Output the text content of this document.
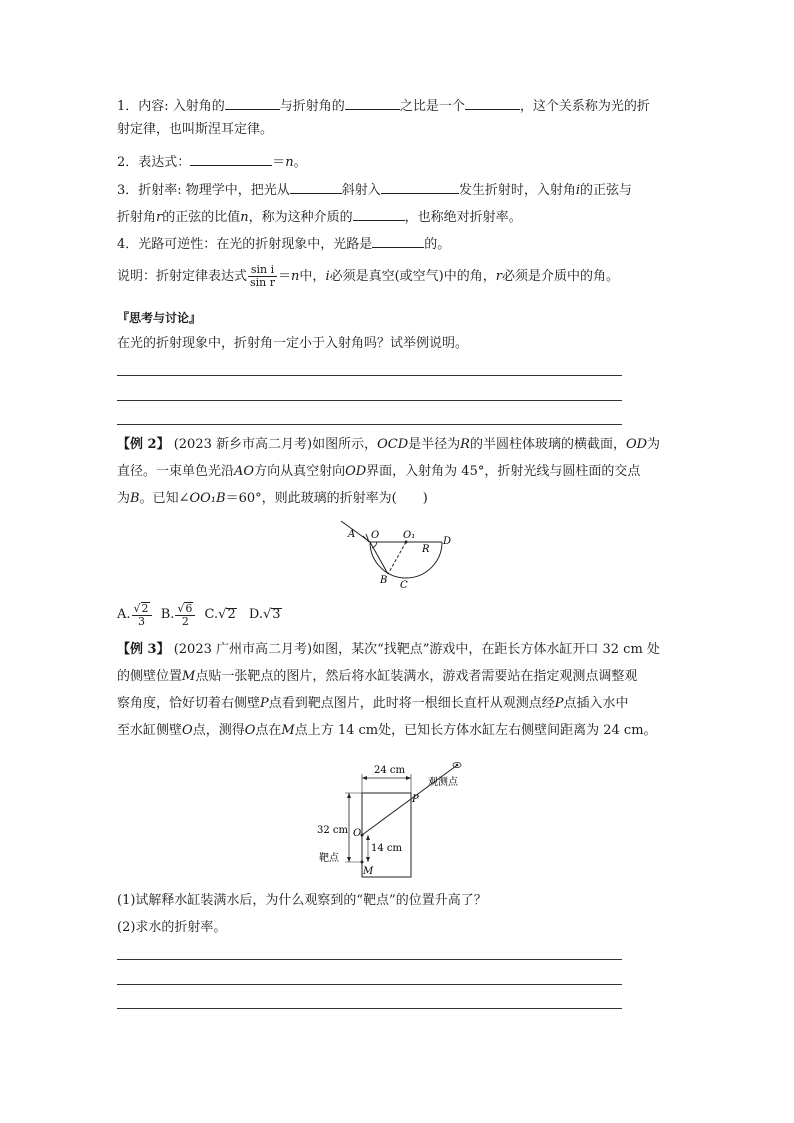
1．内容: 入射角的	与折射角的	之比是一个	，这个关系称为光的折
射定律，也叫斯涅耳定律。
2．表达式：	＝n。
3．折射率: 物理学中，把光从	斜射入	发生折射时，入射角i的正弦与
折射角r的正弦的比值n，称为这种介质的	，也称绝对折射率。
4．光路可逆性：在光的折射现象中，光路是	的。
说明：折射定律表达式 $\frac{\text{sin i}}{\text{sin r}} =n$中，i必须是真空(或空气)中的角，r必须是介质中的角。
『思考与讨论』
在光的折射现象中，折射角一定小于入射角吗？试举例说明。
【例 2】 (2023 新乡市高二月考)如图所示，OCD是半径为R的半圆柱体玻璃的横截面，OD为
直径。一束单色光沿AO方向从真空射向OD界面，入射角为 45°，折射光线与圆柱面的交点
为B。已知∠OO₁B＝60°，则此玻璃的折射率为(　　)
A O O₁
R
D
B C
A. $\frac{√2}{3} B$. $\frac{√6}{2} C.√2$ D.√3
【例 3】 (2023 广州市高二月考)如图，某次“找靶点”游戏中，在距长方体水缸开口 32 cm 处
的侧壁位置M点贴一张靶点的图片，然后将水缸装满水，游戏者需要站在指定观测点调整观
察角度，恰好切着右侧壁P点看到靶点图片，此时将一根细长直杆从观测点经P点插入水中
至水缸侧壁O点，测得O点在M点上方 14 cm处，已知长方体水缸左右侧壁间距离为 24 cm。
24 cm
观测点
P
32 cm O
14 cm
靶点
M
(1)试解释水缸装满水后，为什么观察到的“靶点”的位置升高了？
(2)求水的折射率。
